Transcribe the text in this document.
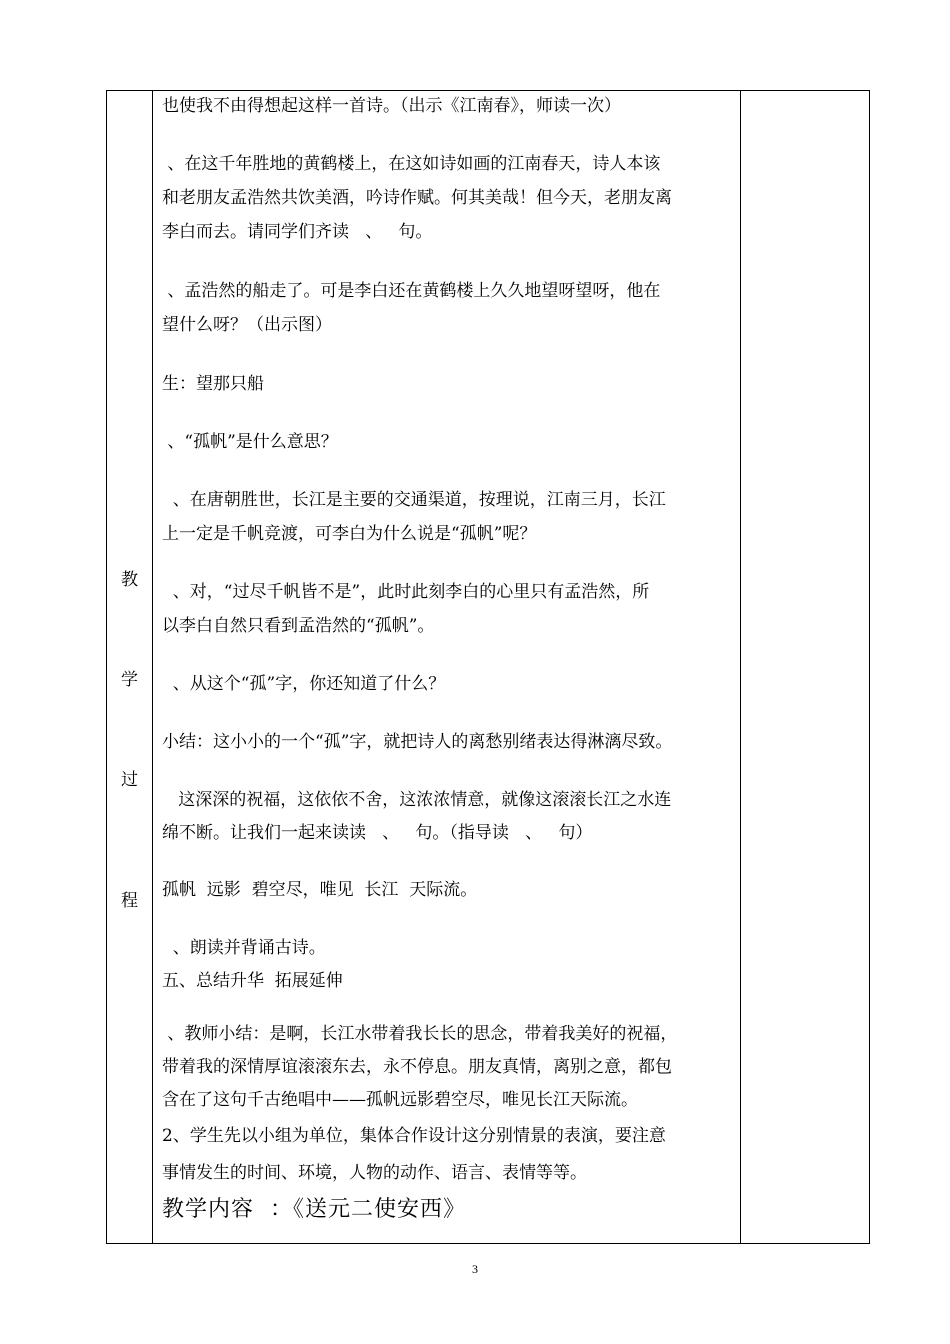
教
学
过
程

也使我不由得想起这样一首诗。（出示《江南春》，师读一次）

、在这千年胜地的黄鹤楼上，在这如诗如画的江南春天，诗人本该

和老朋友孟浩然共饮美酒，吟诗作赋。何其美哉！但今天，老朋友离

李白而去。请同学们齐读   、   句。

、孟浩然的船走了。可是李白还在黄鹤楼上久久地望呀望呀，他在

望什么呀？（出示图）

生：望那只船

、“孤帆”是什么意思？

、在唐朝胜世，长江是主要的交通渠道，按理说，江南三月，长江

上一定是千帆竞渡，可李白为什么说是“孤帆”呢？

、对，“过尽千帆皆不是”，此时此刻李白的心里只有孟浩然，所

以李白自然只看到孟浩然的“孤帆”。

、从这个“孤”字，你还知道了什么？

小结：这小小的一个“孤”字，就把诗人的离愁别绪表达得淋漓尽致。

这深深的祝福，这依依不舍，这浓浓情意，就像这滚滚长江之水连

绵不断。让我们一起来读读   、   句。（指导读   、   句）

孤帆  远影  碧空尽，唯见  长江  天际流。

、朗读并背诵古诗。

五、总结升华  拓展延伸

、教师小结：是啊，长江水带着我长长的思念，带着我美好的祝福，

带着我的深情厚谊滚滚东去，永不停息。朋友真情，离别之意，都包

含在了这句千古绝唱中——孤帆远影碧空尽，唯见长江天际流。

2、学生先以小组为单位，集体合作设计这分别情景的表演，要注意

事情发生的时间、环境，人物的动作、语言、表情等等。

教学内容  ：《送元二使安西》

3
